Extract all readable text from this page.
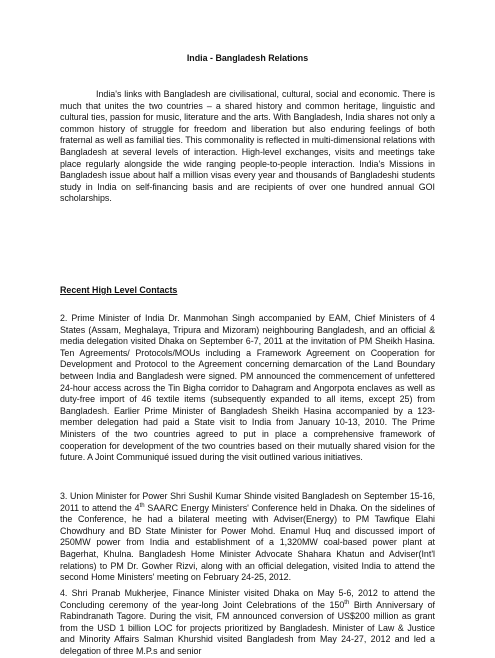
India - Bangladesh Relations

India's links with Bangladesh are civilisational, cultural, social and economic. There is much that unites the two countries – a shared history and common heritage, linguistic and cultural ties, passion for music, literature and the arts. With Bangladesh, India shares not only a common history of struggle for freedom and liberation but also enduring feelings of both fraternal as well as familial ties. This commonality is reflected in multi-dimensional relations with Bangladesh at several levels of interaction. High-level exchanges, visits and meetings take place regularly alongside the wide ranging people-to-people interaction. India's Missions in Bangladesh issue about half a million visas every year and thousands of Bangladeshi students study in India on self-financing basis and are recipients of over one hundred annual GOI scholarships.

Recent High Level Contacts

2. Prime Minister of India Dr. Manmohan Singh accompanied by EAM, Chief Ministers of 4 States (Assam, Meghalaya, Tripura and Mizoram) neighbouring Bangladesh, and an official & media delegation visited Dhaka on September 6-7, 2011 at the invitation of PM Sheikh Hasina. Ten Agreements/ Protocols/MOUs including a Framework Agreement on Cooperation for Development and Protocol to the Agreement concerning demarcation of the Land Boundary between India and Bangladesh were signed. PM announced the commencement of unfettered 24-hour access across the Tin Bigha corridor to Dahagram and Angorpota enclaves as well as duty-free import of 46 textile items (subsequently expanded to all items, except 25) from Bangladesh. Earlier Prime Minister of Bangladesh Sheikh Hasina accompanied by a 123-member delegation had paid a State visit to India from January 10-13, 2010. The Prime Ministers of the two countries agreed to put in place a comprehensive framework of cooperation for development of the two countries based on their mutually shared vision for the future. A Joint Communiqué issued during the visit outlined various initiatives.

3. Union Minister for Power Shri Sushil Kumar Shinde visited Bangladesh on September 15-16, 2011 to attend the 4th SAARC Energy Ministers' Conference held in Dhaka. On the sidelines of the Conference, he had a bilateral meeting with Adviser(Energy) to PM Tawfique Elahi Chowdhury and BD State Minister for Power Mohd. Enamul Huq and discussed import of 250MW power from India and establishment of a 1,320MW coal-based power plant at Bagerhat, Khulna. Bangladesh Home Minister Advocate Shahara Khatun and Adviser(Int'l relations) to PM Dr. Gowher Rizvi, along with an official delegation, visited India to attend the second Home Ministers' meeting on February 24-25, 2012.

4. Shri Pranab Mukherjee, Finance Minister visited Dhaka on May 5-6, 2012 to attend the Concluding ceremony of the year-long Joint Celebrations of the 150th Birth Anniversary of Rabindranath Tagore. During the visit, FM announced conversion of US$200 million as grant from the USD 1 billion LOC for projects prioritized by Bangladesh. Minister of Law & Justice and Minority Affairs Salman Khurshid visited Bangladesh from May 24-27, 2012 and led a delegation of three M.P.s and senior
